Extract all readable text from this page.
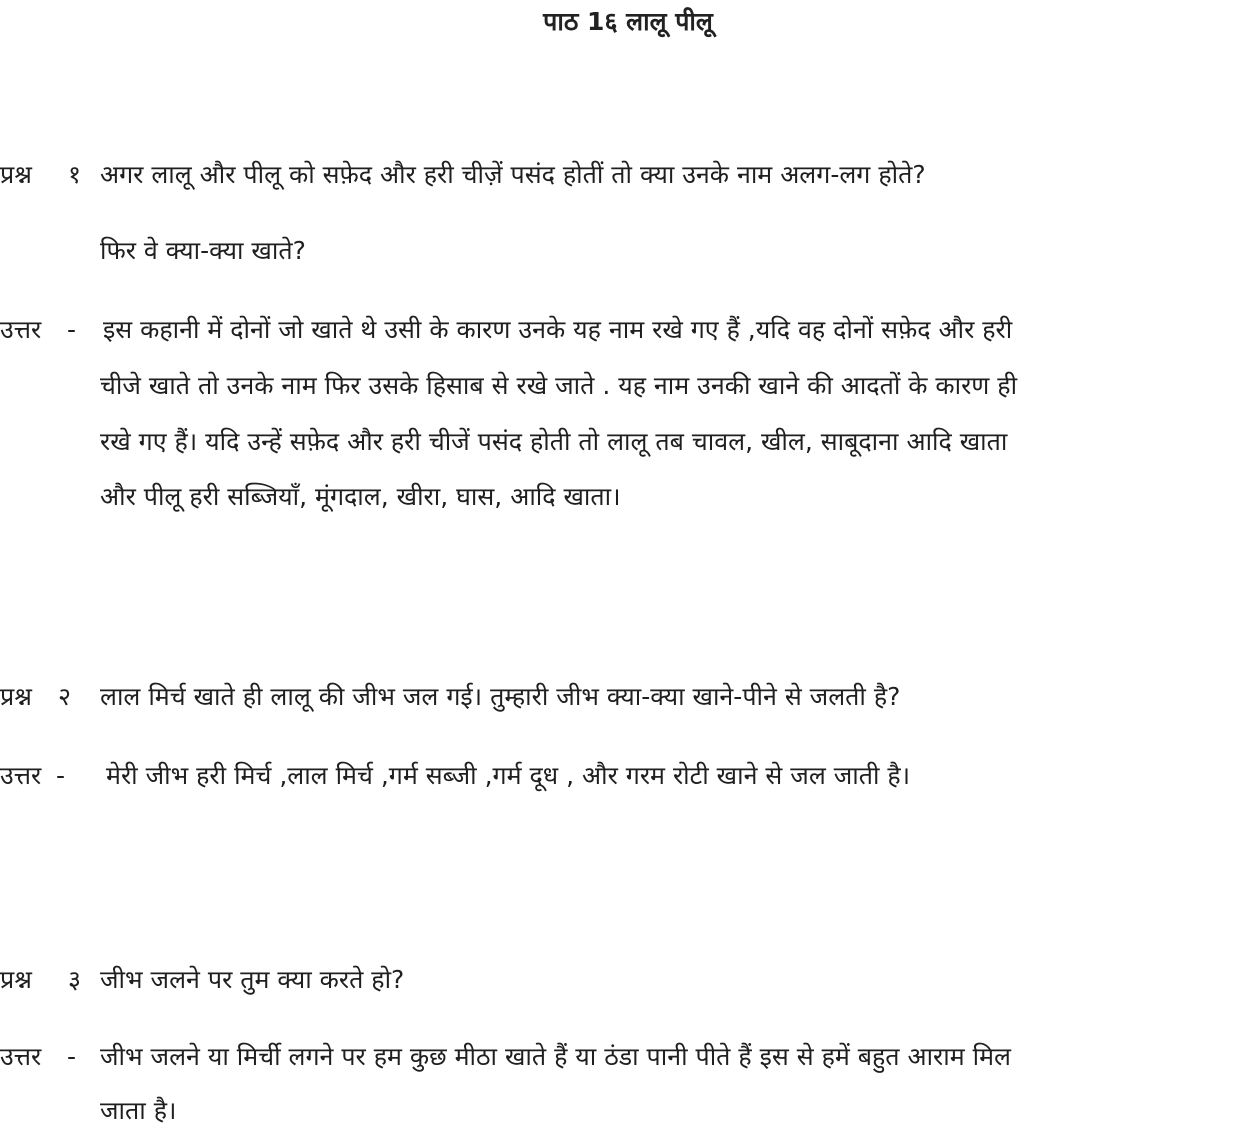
पाठ 1६ लालू पीलू
प्रश्न १ अगर लालू और पीलू को सफ़ेद और हरी चीज़ें पसंद होतीं तो क्या उनके नाम अलग-लग होते?
फिर वे क्या-क्या खाते?
उत्तर - इस कहानी में दोनों जो खाते थे उसी के कारण उनके यह नाम रखे गए हैं ,यदि वह दोनों सफ़ेद और हरी
चीजे खाते तो उनके नाम फिर उसके हिसाब से रखे जाते . यह नाम उनकी खाने की आदतों के कारण ही
रखे गए हैं। यदि उन्हें सफ़ेद और हरी चीजें पसंद होती तो लालू तब चावल, खील, साबूदाना आदि खाता
और पीलू हरी सब्जियाँ, मूंगदाल, खीरा, घास, आदि खाता।
प्रश्न २ लाल मिर्च खाते ही लालू की जीभ जल गई। तुम्हारी जीभ क्या-क्या खाने-पीने से जलती है?
उत्तर - मेरी जीभ हरी मिर्च ,लाल मिर्च ,गर्म सब्जी ,गर्म दूध , और गरम रोटी खाने से जल जाती है।
प्रश्न ३ जीभ जलने पर तुम क्या करते हो?
उत्तर - जीभ जलने या मिर्ची लगने पर हम कुछ मीठा खाते हैं या ठंडा पानी पीते हैं इस से हमें बहुत आराम मिल
जाता है।
